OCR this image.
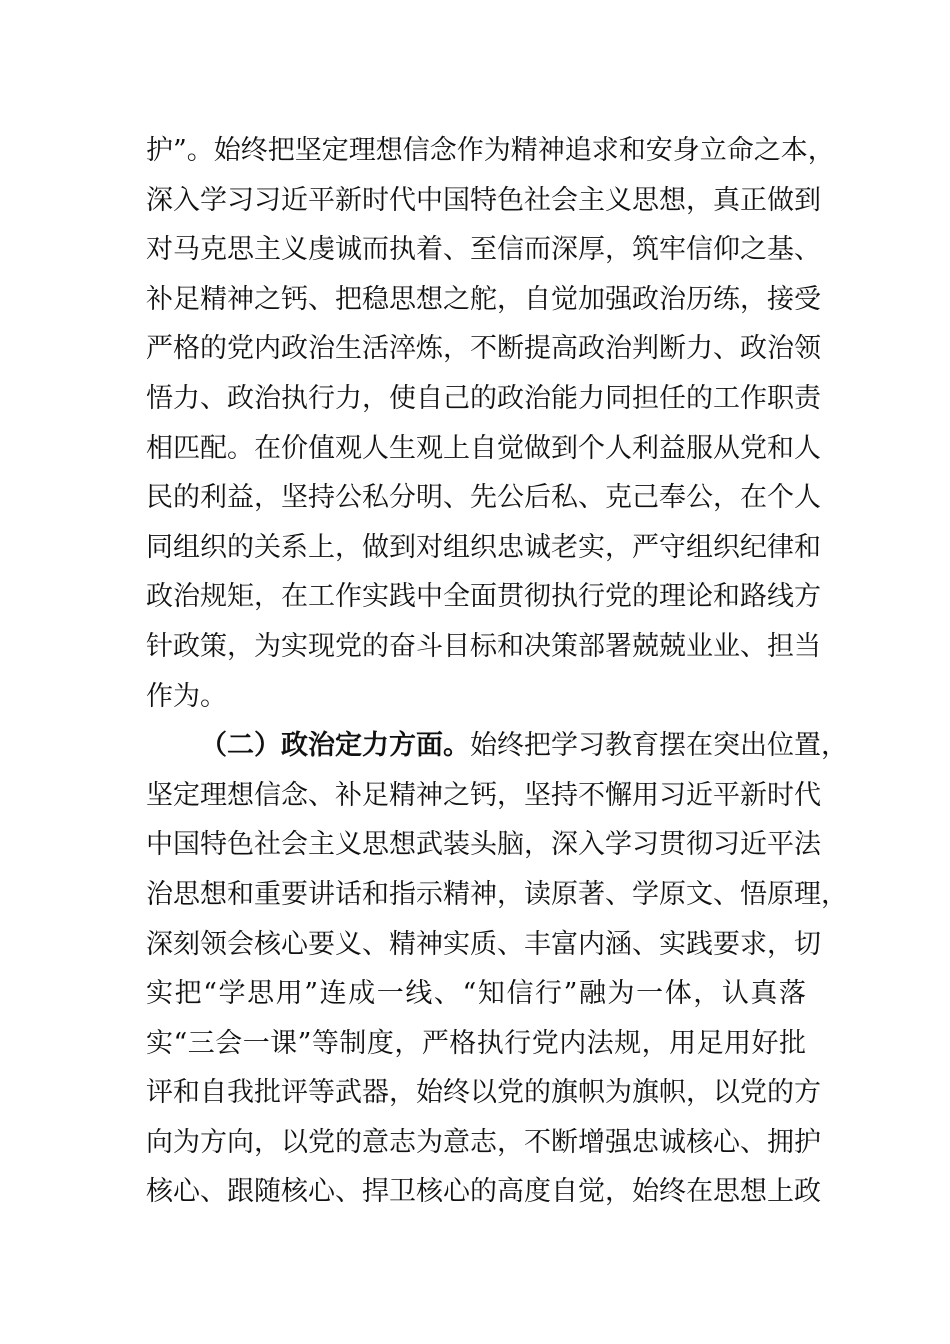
护”。始终把坚定理想信念作为精神追求和安身立命之本，
深入学习习近平新时代中国特色社会主义思想，真正做到
对马克思主义虔诚而执着、至信而深厚，筑牢信仰之基、
补足精神之钙、把稳思想之舵，自觉加强政治历练，接受
严格的党内政治生活淬炼，不断提高政治判断力、政治领
悟力、政治执行力，使自己的政治能力同担任的工作职责
相匹配。在价值观人生观上自觉做到个人利益服从党和人
民的利益，坚持公私分明、先公后私、克己奉公，在个人
同组织的关系上，做到对组织忠诚老实，严守组织纪律和
政治规矩，在工作实践中全面贯彻执行党的理论和路线方
针政策，为实现党的奋斗目标和决策部署兢兢业业、担当
作为。
（二）政治定力方面。始终把学习教育摆在突出位置，
坚定理想信念、补足精神之钙，坚持不懈用习近平新时代
中国特色社会主义思想武装头脑，深入学习贯彻习近平法
治思想和重要讲话和指示精神，读原著、学原文、悟原理，
深刻领会核心要义、精神实质、丰富内涵、实践要求，切
实把“学思用”连成一线、“知信行”融为一体，认真落
实“三会一课”等制度，严格执行党内法规，用足用好批
评和自我批评等武器，始终以党的旗帜为旗帜，以党的方
向为方向，以党的意志为意志，不断增强忠诚核心、拥护
核心、跟随核心、捍卫核心的高度自觉，始终在思想上政
